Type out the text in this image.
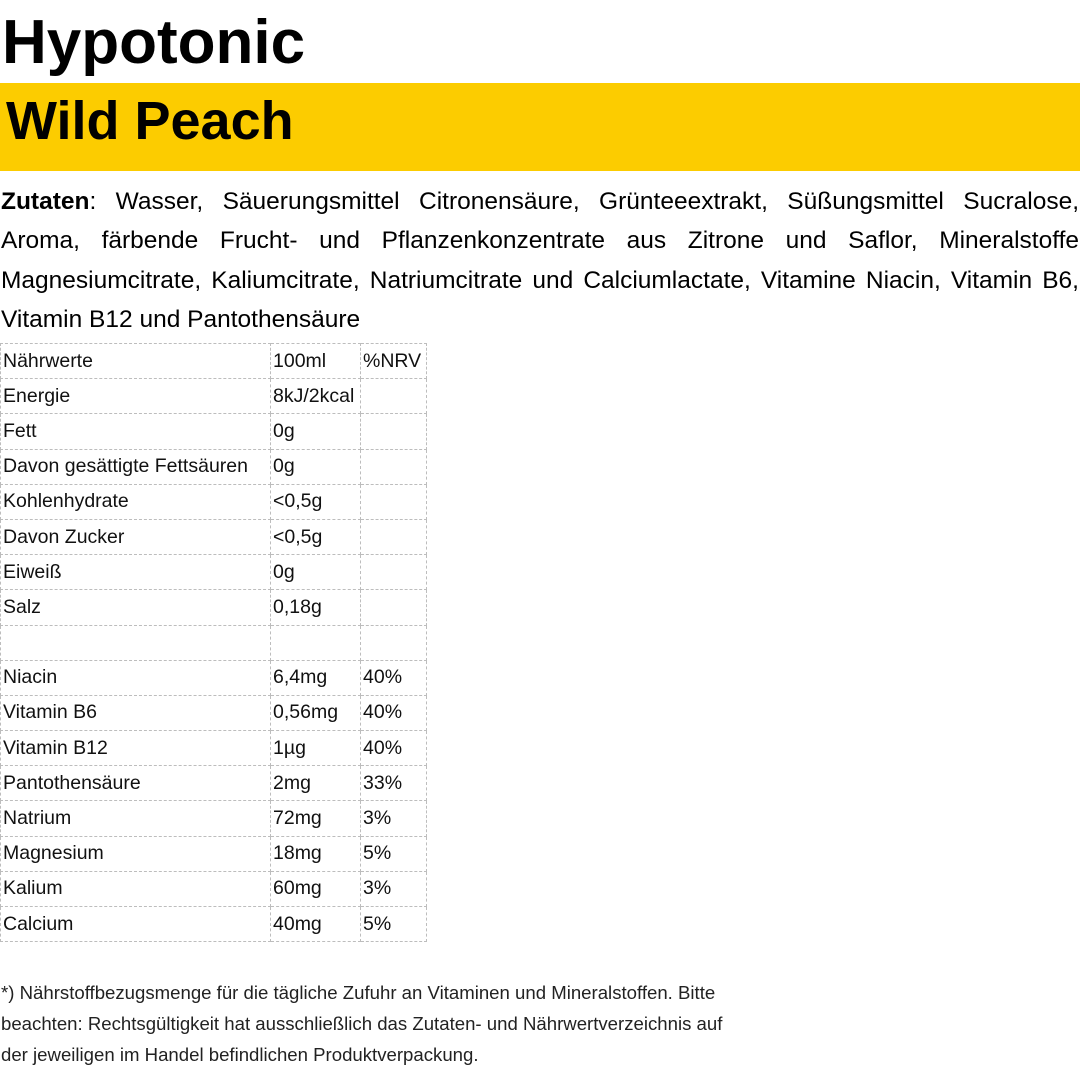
Hypotonic
Wild Peach

Zutaten: Wasser, Säuerungsmittel Citronensäure, Grünteeextrakt, Süßungsmittel Sucralose, Aroma, färbende Frucht- und Pflanzenkonzentrate aus Zitrone und Saflor, Mineralstoffe Magnesiumcitrate, Kaliumcitrate, Natriumcitrate und Calciumlactate, Vitamine Niacin, Vitamin B6, Vitamin B12 und Pantothensäure

Nährwerte	100ml	%NRV
Energie	8kJ/2kcal	
Fett	0g	
Davon gesättigte Fettsäuren	0g	
Kohlenhydrate	<0,5g	
Davon Zucker	<0,5g	
Eiweiß	0g	
Salz	0,18g	

Niacin	6,4mg	40%
Vitamin B6	0,56mg	40%
Vitamin B12	1µg	40%
Pantothensäure	2mg	33%
Natrium	72mg	3%
Magnesium	18mg	5%
Kalium	60mg	3%
Calcium	40mg	5%

*) Nährstoffbezugsmenge für die tägliche Zufuhr an Vitaminen und Mineralstoffen. Bitte
beachten: Rechtsgültigkeit hat ausschließlich das Zutaten- und Nährwertverzeichnis auf
der jeweiligen im Handel befindlichen Produktverpackung.
